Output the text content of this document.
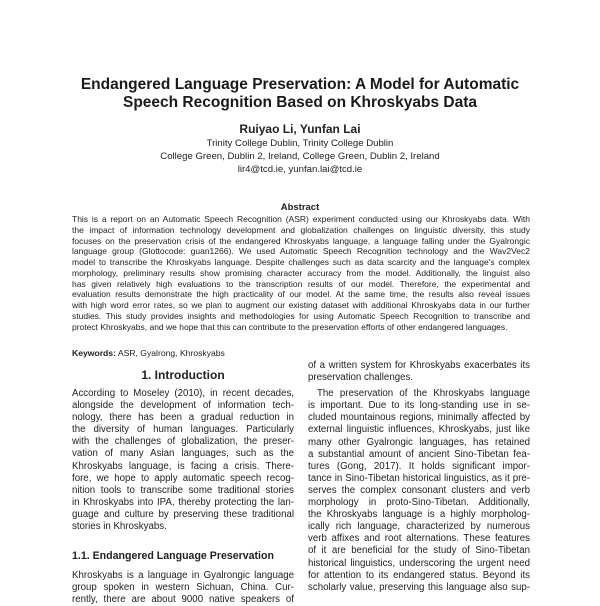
Endangered Language Preservation: A Model for Automatic
Speech Recognition Based on Khroskyabs Data
Ruiyao Li, Yunfan Lai
Trinity College Dublin, Trinity College Dublin
College Green, Dublin 2, Ireland, College Green, Dublin 2, Ireland
lir4@tcd.ie, yunfan.lai@tcd.ie
Abstract
This is a report on an Automatic Speech Recognition (ASR) experiment conducted using our Khroskyabs data. With
the impact of information technology development and globalization challenges on linguistic diversity, this study
focuses on the preservation crisis of the endangered Khroskyabs language, a language falling under the Gyalrongic
language group (Glottocode: guan1266). We used Automatic Speech Recognition technology and the Wav2Vec2
model to transcribe the Khroskyabs language. Despite challenges such as data scarcity and the language's complex
morphology, preliminary results show promising character accuracy from the model. Additionally, the linguist also
has given relatively high evaluations to the transcription results of our model. Therefore, the experimental and
evaluation results demonstrate the high practicality of our model. At the same time, the results also reveal issues
with high word error rates, so we plan to augment our existing dataset with additional Khroskyabs data in our further
studies. This study provides insights and methodologies for using Automatic Speech Recognition to transcribe and
protect Khroskyabs, and we hope that this can contribute to the preservation efforts of other endangered languages.
Keywords: ASR, Gyalrong, Khroskyabs
1. Introduction
According to Moseley (2010), in recent decades,
alongside the development of information tech-
nology, there has been a gradual reduction in
the diversity of human languages. Particularly
with the challenges of globalization, the preser-
vation of many Asian languages, such as the
Khroskyabs language, is facing a crisis. There-
fore, we hope to apply automatic speech recog-
nition tools to transcribe some traditional stories
in Khroskyabs into IPA, thereby protecting the lan-
guage and culture by preserving these traditional
stories in Khroskyabs.
1.1. Endangered Language Preservation
Khroskyabs is a language in Gyalrongic language
group spoken in western Sichuan, China. Cur-
rently, there are about 9000 native speakers of
of a written system for Khroskyabs exacerbates its
preservation challenges.
The preservation of the Khroskyabs language
is important. Due to its long-standing use in se-
cluded mountainous regions, minimally affected by
external linguistic influences, Khroskyabs, just like
many other Gyalrongic languages, has retained
a substantial amount of ancient Sino-Tibetan fea-
tures (Gong, 2017). It holds significant impor-
tance in Sino-Tibetan historical linguistics, as it pre-
serves the complex consonant clusters and verb
morphology in proto-Sino-Tibetan. Additionally,
the Khroskyabs language is a highly morpholog-
ically rich language, characterized by numerous
verb affixes and root alternations. These features
of it are beneficial for the study of Sino-Tibetan
historical linguistics, underscoring the urgent need
for attention to its endangered status. Beyond its
scholarly value, preserving this language also sup-
